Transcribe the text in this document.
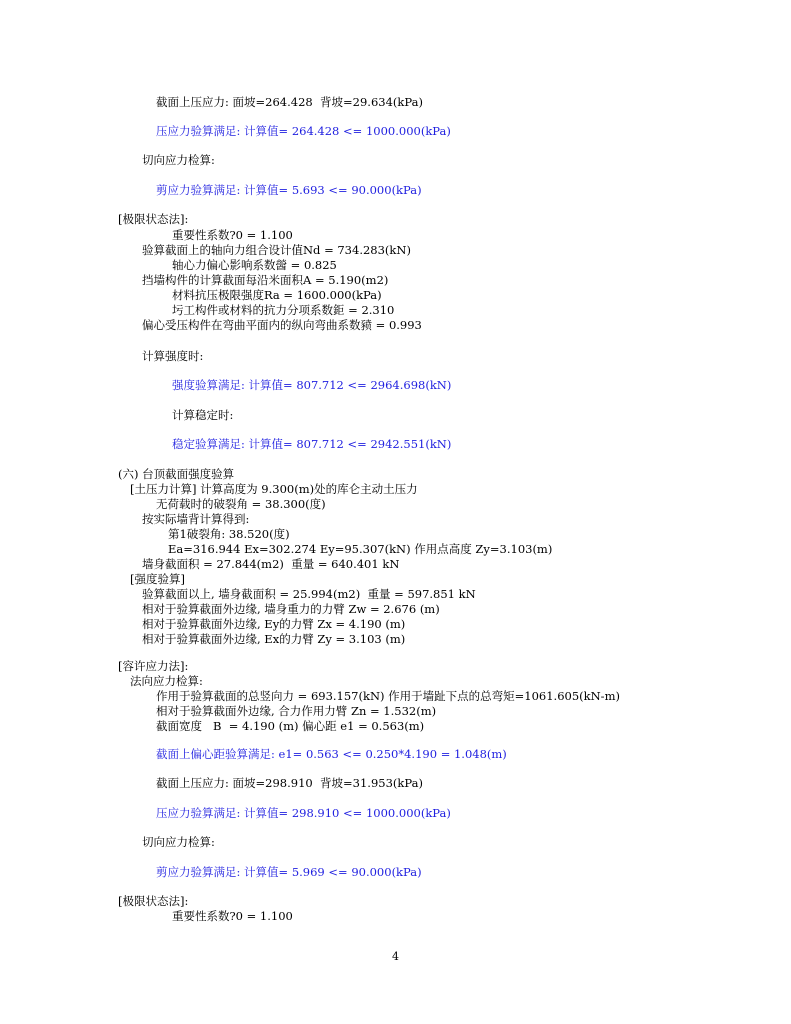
截面上压应力: 面坡=264.428  背坡=29.634(kPa)
压应力验算满足: 计算值= 264.428 <= 1000.000(kPa)
切向应力检算:
剪应力验算满足: 计算值= 5.693 <= 90.000(kPa)
[极限状态法]:
重要性系数?0 = 1.100
验算截面上的轴向力组合设计值Nd = 734.283(kN)
轴心力偏心影响系数醟 = 0.825
挡墙构件的计算截面每沿米面积A = 5.190(m2)
材料抗压极限强度Ra = 1600.000(kPa)
圬工构件或材料的抗力分项系数鉅 = 2.310
偏心受压构件在弯曲平面内的纵向弯曲系数豮 = 0.993
计算强度时:
强度验算满足: 计算值= 807.712 <= 2964.698(kN)
计算稳定时:
稳定验算满足: 计算值= 807.712 <= 2942.551(kN)
(六) 台顶截面强度验算
[土压力计算] 计算高度为 9.300(m)处的库仑主动土压力
无荷载时的破裂角 = 38.300(度)
按实际墙背计算得到:
第1破裂角: 38.520(度)
Ea=316.944 Ex=302.274 Ey=95.307(kN) 作用点高度 Zy=3.103(m)
墙身截面积 = 27.844(m2)  重量 = 640.401 kN
[强度验算]
验算截面以上, 墙身截面积 = 25.994(m2)  重量 = 597.851 kN
相对于验算截面外边缘, 墙身重力的力臂 Zw = 2.676 (m)
相对于验算截面外边缘, Ey的力臂 Zx = 4.190 (m)
相对于验算截面外边缘, Ex的力臂 Zy = 3.103 (m)
[容许应力法]:
法向应力检算:
作用于验算截面的总竖向力 = 693.157(kN) 作用于墙趾下点的总弯矩=1061.605(kN-m)
相对于验算截面外边缘, 合力作用力臂 Zn = 1.532(m)
截面宽度   B  = 4.190 (m) 偏心距 e1 = 0.563(m)
截面上偏心距验算满足: e1= 0.563 <= 0.250*4.190 = 1.048(m)
截面上压应力: 面坡=298.910  背坡=31.953(kPa)
压应力验算满足: 计算值= 298.910 <= 1000.000(kPa)
切向应力检算:
剪应力验算满足: 计算值= 5.969 <= 90.000(kPa)
[极限状态法]:
重要性系数?0 = 1.100
4
